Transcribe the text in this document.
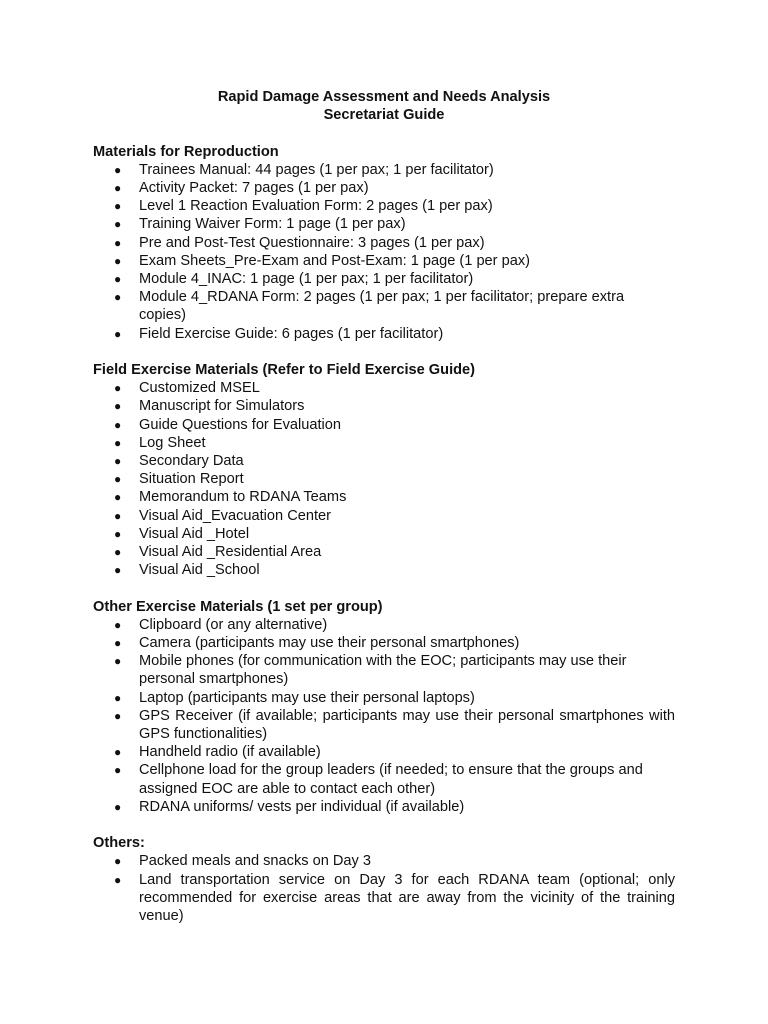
Rapid Damage Assessment and Needs Analysis

Secretariat Guide

Materials for Reproduction

● Trainees Manual: 44 pages (1 per pax; 1 per facilitator)
● Activity Packet: 7 pages (1 per pax)
● Level 1 Reaction Evaluation Form: 2 pages (1 per pax)
● Training Waiver Form: 1 page (1 per pax)
● Pre and Post-Test Questionnaire: 3 pages (1 per pax)
● Exam Sheets_Pre-Exam and Post-Exam: 1 page (1 per pax)
● Module 4_INAC: 1 page (1 per pax; 1 per facilitator)
● Module 4_RDANA Form: 2 pages (1 per pax; 1 per facilitator; prepare extra copies)
● Field Exercise Guide: 6 pages (1 per facilitator)

Field Exercise Materials (Refer to Field Exercise Guide)

● Customized MSEL
● Manuscript for Simulators
● Guide Questions for Evaluation
● Log Sheet
● Secondary Data
● Situation Report
● Memorandum to RDANA Teams
● Visual Aid_Evacuation Center
● Visual Aid _Hotel
● Visual Aid _Residential Area
● Visual Aid _School

Other Exercise Materials (1 set per group)

● Clipboard (or any alternative)
● Camera (participants may use their personal smartphones)
● Mobile phones (for communication with the EOC; participants may use their personal smartphones)
● Laptop (participants may use their personal laptops)
● GPS Receiver (if available; participants may use their personal smartphones with GPS functionalities)
● Handheld radio (if available)
● Cellphone load for the group leaders (if needed; to ensure that the groups and assigned EOC are able to contact each other)
● RDANA uniforms/ vests per individual (if available)

Others:

● Packed meals and snacks on Day 3
● Land transportation service on Day 3 for each RDANA team (optional; only recommended for exercise areas that are away from the vicinity of the training venue)
